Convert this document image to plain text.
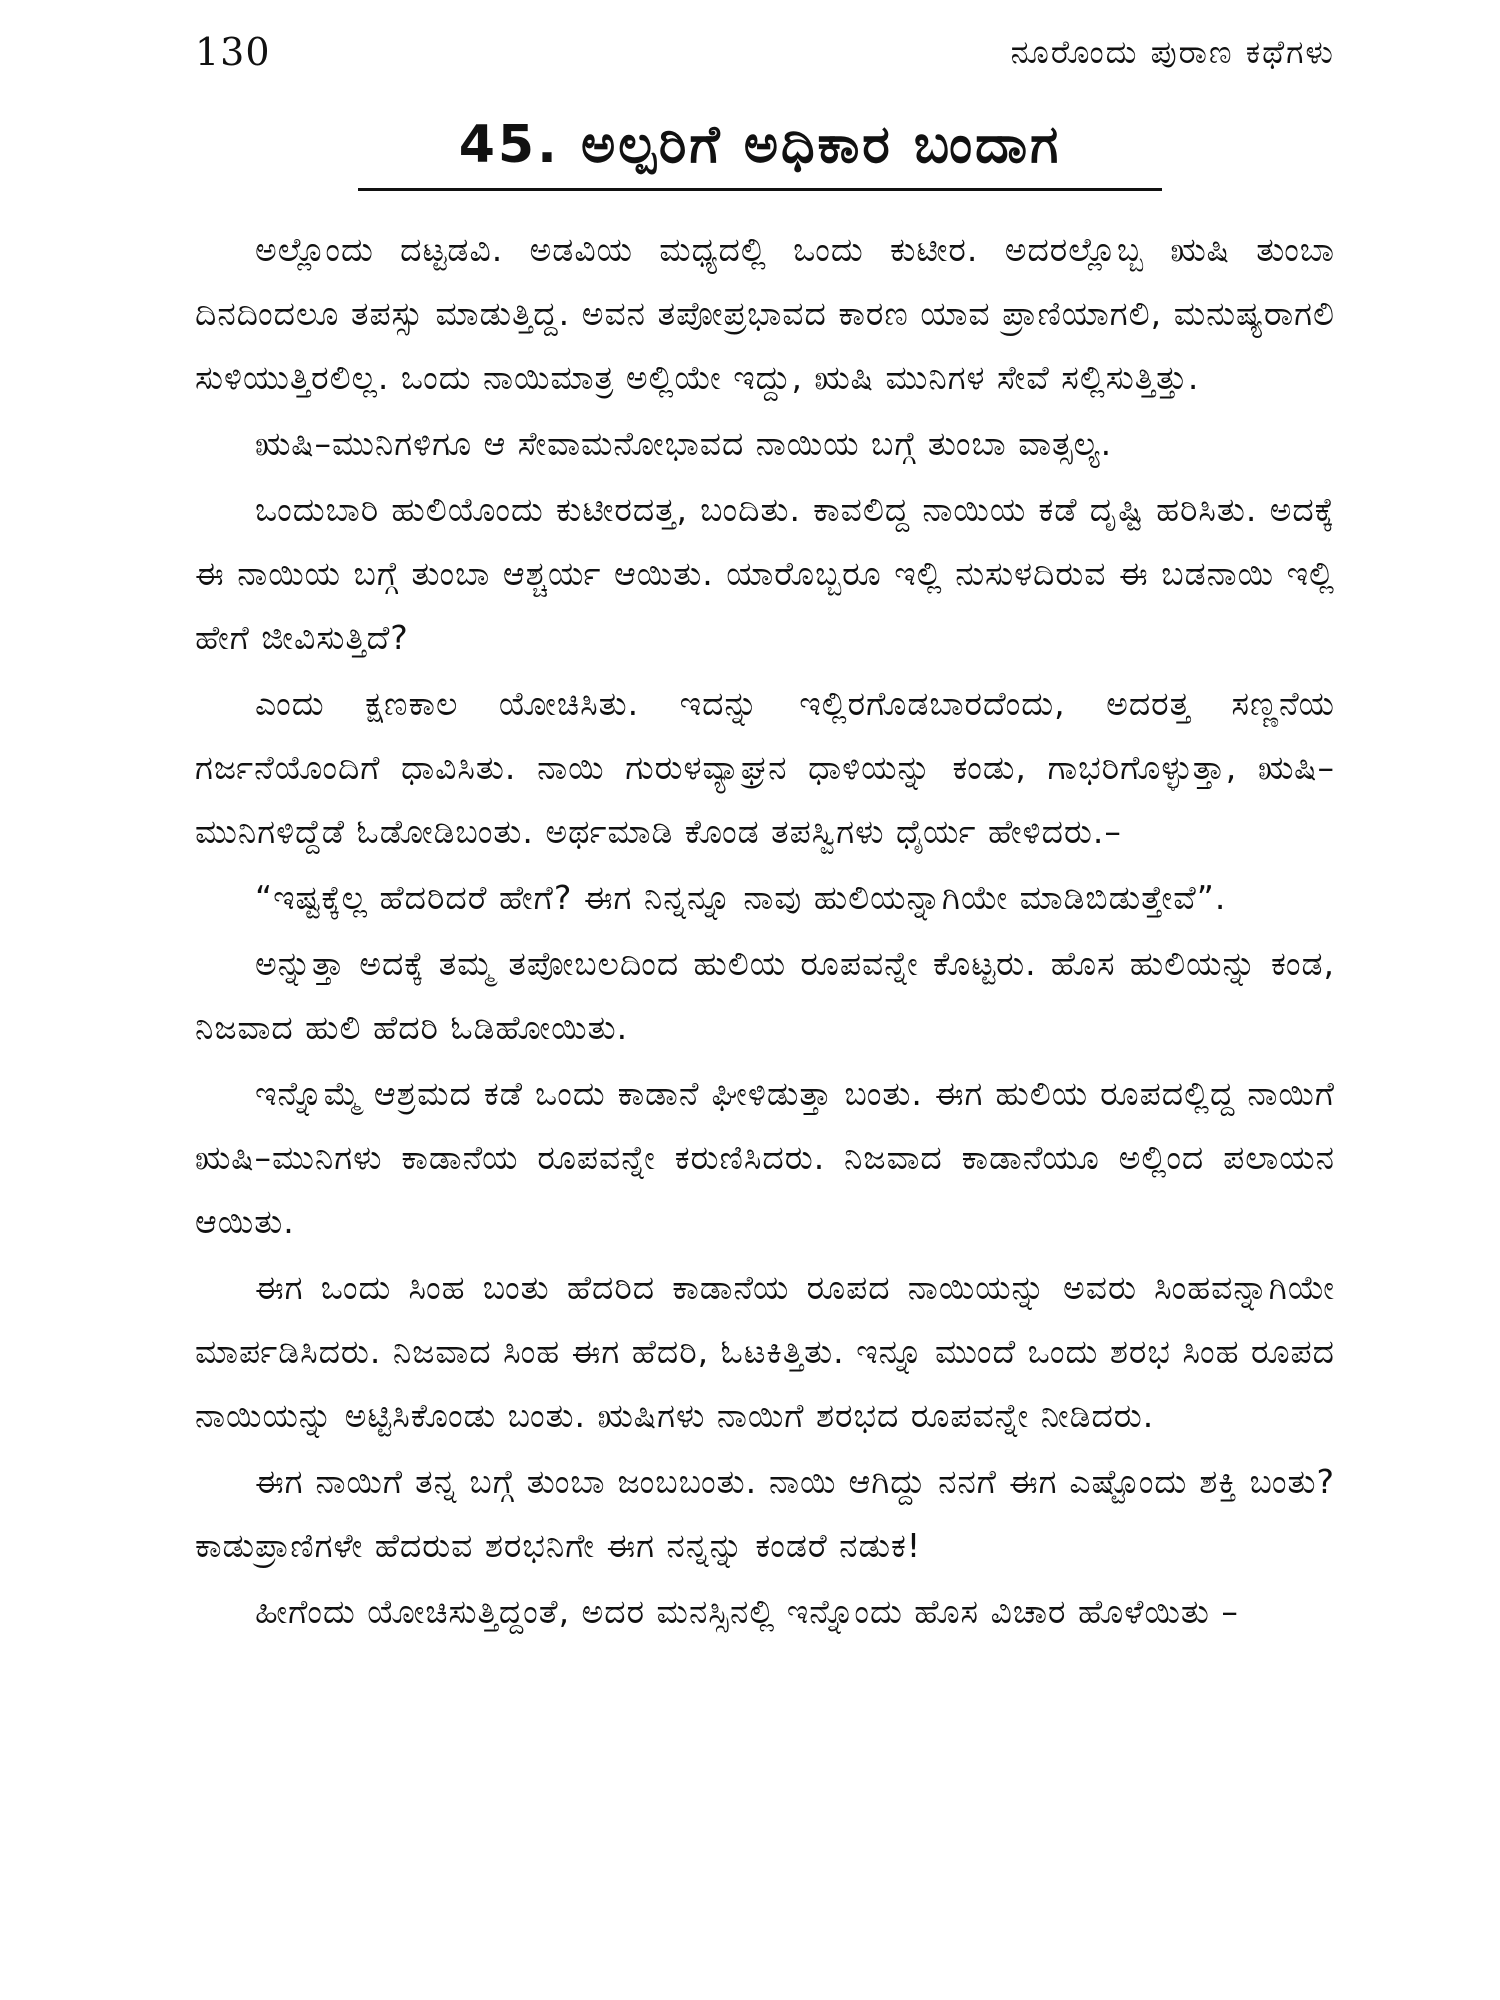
130	ನೂರೊಂದು ಪುರಾಣ ಕಥೆಗಳು
45. ಅಲ್ಪರಿಗೆ ಅಧಿಕಾರ ಬಂದಾಗ

ಅಲ್ಲೊಂದು ದಟ್ಟಡವಿ. ಅಡವಿಯ ಮಧ್ಯದಲ್ಲಿ ಒಂದು ಕುಟೀರ. ಅದರಲ್ಲೊಬ್ಬ ಋಷಿ ತುಂಬಾ ದಿನದಿಂದಲೂ ತಪಸ್ಸು ಮಾಡುತ್ತಿದ್ದ. ಅವನ ತಪೋಪ್ರಭಾವದ ಕಾರಣ ಯಾವ ಪ್ರಾಣಿಯಾಗಲಿ, ಮನುಷ್ಯರಾಗಲಿ ಸುಳಿಯುತ್ತಿರಲಿಲ್ಲ. ಒಂದು ನಾಯಿಮಾತ್ರ ಅಲ್ಲಿಯೇ ಇದ್ದು, ಋಷಿ ಮುನಿಗಳ ಸೇವೆ ಸಲ್ಲಿಸುತ್ತಿತ್ತು.

ಋಷಿ–ಮುನಿಗಳಿಗೂ ಆ ಸೇವಾಮನೋಭಾವದ ನಾಯಿಯ ಬಗ್ಗೆ ತುಂಬಾ ವಾತ್ಸಲ್ಯ.

ಒಂದುಬಾರಿ ಹುಲಿಯೊಂದು ಕುಟೀರದತ್ತ, ಬಂದಿತು. ಕಾವಲಿದ್ದ ನಾಯಿಯ ಕಡೆ ದೃಷ್ಟಿ ಹರಿಸಿತು. ಅದಕ್ಕೆ ಈ ನಾಯಿಯ ಬಗ್ಗೆ ತುಂಬಾ ಆಶ್ಚರ್ಯ ಆಯಿತು. ಯಾರೊಬ್ಬರೂ ಇಲ್ಲಿ ನುಸುಳದಿರುವ ಈ ಬಡನಾಯಿ ಇಲ್ಲಿ ಹೇಗೆ ಜೀವಿಸುತ್ತಿದೆ?

ಎಂದು ಕ್ಷಣಕಾಲ ಯೋಚಿಸಿತು. ಇದನ್ನು ಇಲ್ಲಿರಗೊಡಬಾರದೆಂದು, ಅದರತ್ತ ಸಣ್ಣನೆಯ ಗರ್ಜನೆಯೊಂದಿಗೆ ಧಾವಿಸಿತು. ನಾಯಿ ಗುರುಳವ್ಯಾಘ್ರನ ಧಾಳಿಯನ್ನು ಕಂಡು, ಗಾಭರಿಗೊಳ್ಳುತ್ತಾ, ಋಷಿ–ಮುನಿಗಳಿದ್ದೆಡೆ ಓಡೋಡಿಬಂತು. ಅರ್ಥಮಾಡಿ ಕೊಂಡ ತಪಸ್ವಿಗಳು ಧೈರ್ಯ ಹೇಳಿದರು.–

“ಇಷ್ಟಕ್ಕೆಲ್ಲ ಹೆದರಿದರೆ ಹೇಗೆ? ಈಗ ನಿನ್ನನ್ನೂ ನಾವು ಹುಲಿಯನ್ನಾಗಿಯೇ ಮಾಡಿಬಿಡುತ್ತೇವೆ”.

ಅನ್ನುತ್ತಾ ಅದಕ್ಕೆ ತಮ್ಮ ತಪೋಬಲದಿಂದ ಹುಲಿಯ ರೂಪವನ್ನೇ ಕೊಟ್ಟರು. ಹೊಸ ಹುಲಿಯನ್ನು ಕಂಡ, ನಿಜವಾದ ಹುಲಿ ಹೆದರಿ ಓಡಿಹೋಯಿತು.

ಇನ್ನೊಮ್ಮೆ ಆಶ್ರಮದ ಕಡೆ ಒಂದು ಕಾಡಾನೆ ಘೀಳಿಡುತ್ತಾ ಬಂತು. ಈಗ ಹುಲಿಯ ರೂಪದಲ್ಲಿದ್ದ ನಾಯಿಗೆ ಋಷಿ–ಮುನಿಗಳು ಕಾಡಾನೆಯ ರೂಪವನ್ನೇ ಕರುಣಿಸಿದರು. ನಿಜವಾದ ಕಾಡಾನೆಯೂ ಅಲ್ಲಿಂದ ಪಲಾಯನ ಆಯಿತು.

ಈಗ ಒಂದು ಸಿಂಹ ಬಂತು ಹೆದರಿದ ಕಾಡಾನೆಯ ರೂಪದ ನಾಯಿಯನ್ನು ಅವರು ಸಿಂಹವನ್ನಾಗಿಯೇ ಮಾರ್ಪಡಿಸಿದರು. ನಿಜವಾದ ಸಿಂಹ ಈಗ ಹೆದರಿ, ಓಟಕಿತ್ತಿತು. ಇನ್ನೂ ಮುಂದೆ ಒಂದು ಶರಭ ಸಿಂಹ ರೂಪದ ನಾಯಿಯನ್ನು ಅಟ್ಟಿಸಿಕೊಂಡು ಬಂತು. ಋಷಿಗಳು ನಾಯಿಗೆ ಶರಭದ ರೂಪವನ್ನೇ ನೀಡಿದರು.

ಈಗ ನಾಯಿಗೆ ತನ್ನ ಬಗ್ಗೆ ತುಂಬಾ ಜಂಬಬಂತು. ನಾಯಿ ಆಗಿದ್ದು ನನಗೆ ಈಗ ಎಷ್ಟೊಂದು ಶಕ್ತಿ ಬಂತು? ಕಾಡುಪ್ರಾಣಿಗಳೇ ಹೆದರುವ ಶರಭನಿಗೇ ಈಗ ನನ್ನನ್ನು ಕಂಡರೆ ನಡುಕ!

ಹೀಗೆಂದು ಯೋಚಿಸುತ್ತಿದ್ದಂತೆ, ಅದರ ಮನಸ್ಸಿನಲ್ಲಿ ಇನ್ನೊಂದು ಹೊಸ ವಿಚಾರ ಹೊಳೆಯಿತು –
